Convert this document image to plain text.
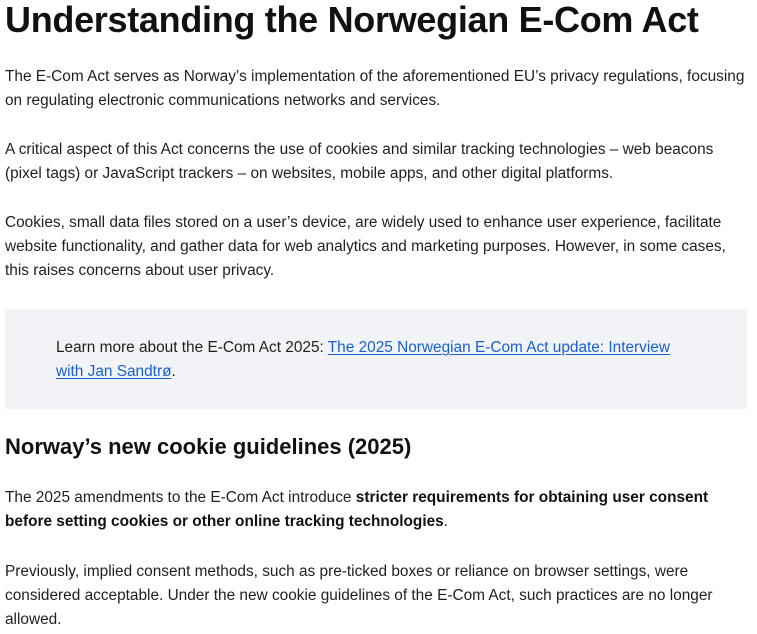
Understanding the Norwegian E-Com Act

The E-Com Act serves as Norway’s implementation of the aforementioned EU’s privacy regulations, focusing on regulating electronic communications networks and services.

A critical aspect of this Act concerns the use of cookies and similar tracking technologies – web beacons (pixel tags) or JavaScript trackers – on websites, mobile apps, and other digital platforms.

Cookies, small data files stored on a user’s device, are widely used to enhance user experience, facilitate website functionality, and gather data for web analytics and marketing purposes. However, in some cases, this raises concerns about user privacy.

Learn more about the E-Com Act 2025: The 2025 Norwegian E-Com Act update: Interview with Jan Sandtrø.

Norway’s new cookie guidelines (2025)

The 2025 amendments to the E-Com Act introduce stricter requirements for obtaining user consent before setting cookies or other online tracking technologies.

Previously, implied consent methods, such as pre-ticked boxes or reliance on browser settings, were considered acceptable. Under the new cookie guidelines of the E-Com Act, such practices are no longer allowed.
